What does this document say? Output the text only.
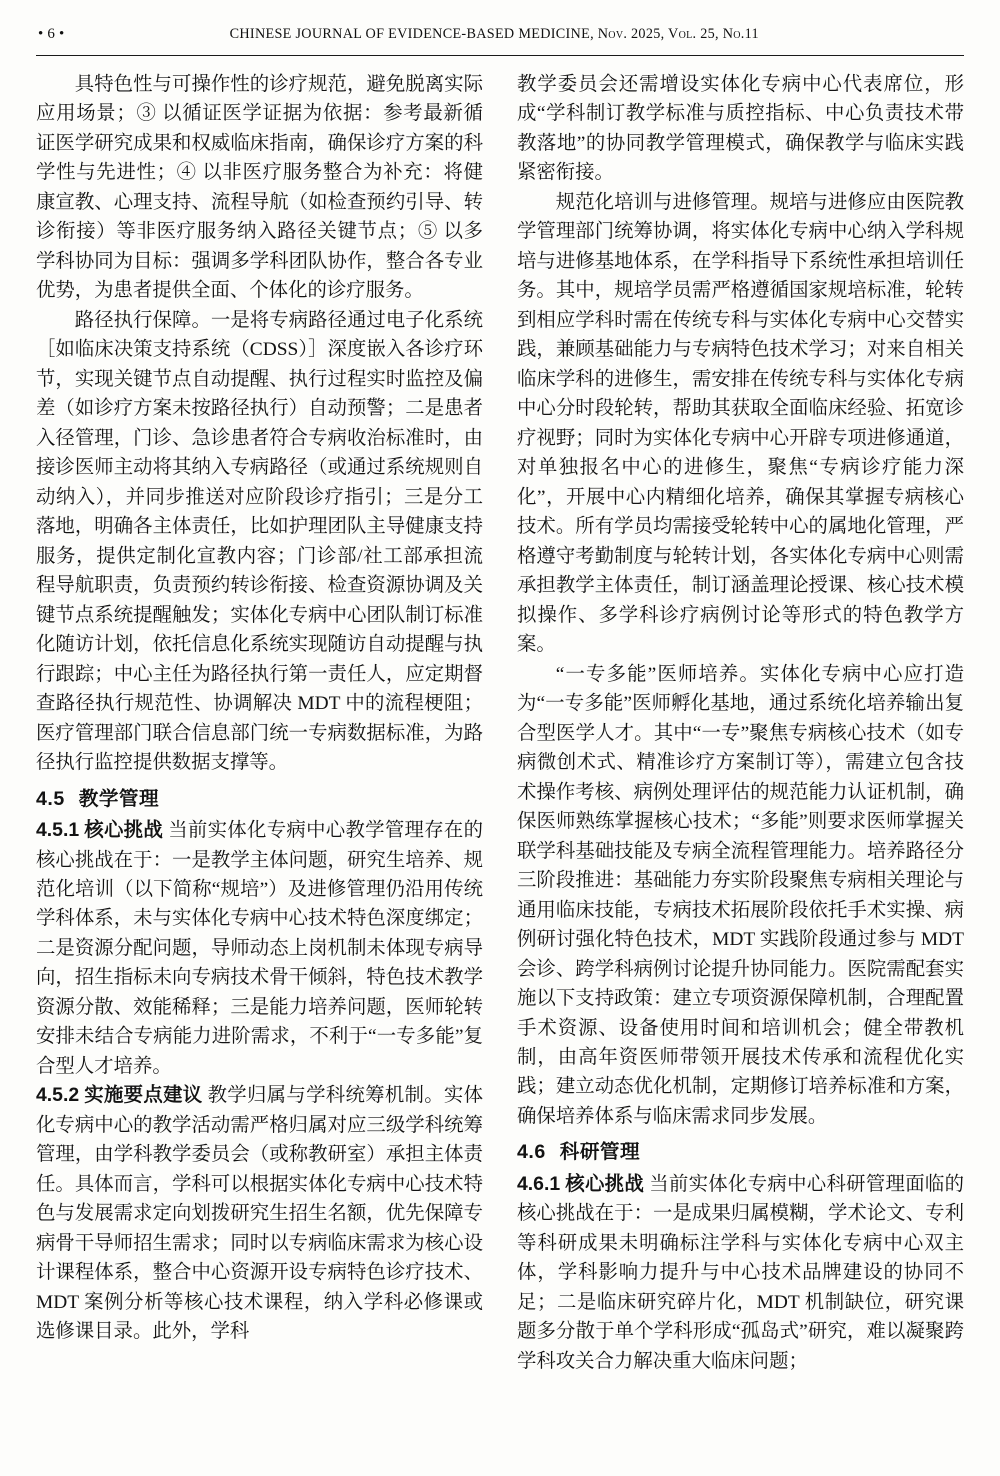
• 6 •	CHINESE JOURNAL OF EVIDENCE-BASED MEDICINE, Nov. 2025, Vol. 25, No.11

具特色性与可操作性的诊疗规范，避免脱离实际应用场景；③ 以循证医学证据为依据：参考最新循证医学研究成果和权威临床指南，确保诊疗方案的科学性与先进性；④ 以非医疗服务整合为补充：将健康宣教、心理支持、流程导航（如检查预约引导、转诊衔接）等非医疗服务纳入路径关键节点；⑤ 以多学科协同为目标：强调多学科团队协作，整合各专业优势，为患者提供全面、个体化的诊疗服务。

路径执行保障。一是将专病路径通过电子化系统［如临床决策支持系统（CDSS）］深度嵌入各诊疗环节，实现关键节点自动提醒、执行过程实时监控及偏差（如诊疗方案未按路径执行）自动预警；二是患者入径管理，门诊、急诊患者符合专病收治标准时，由接诊医师主动将其纳入专病路径（或通过系统规则自动纳入），并同步推送对应阶段诊疗指引；三是分工落地，明确各主体责任，比如护理团队主导健康支持服务，提供定制化宣教内容；门诊部/社工部承担流程导航职责，负责预约转诊衔接、检查资源协调及关键节点系统提醒触发；实体化专病中心团队制订标准化随访计划，依托信息化系统实现随访自动提醒与执行跟踪；中心主任为路径执行第一责任人，应定期督查路径执行规范性、协调解决 MDT 中的流程梗阻；医疗管理部门联合信息部门统一专病数据标准，为路径执行监控提供数据支撑等。

4.5 教学管理

4.5.1 核心挑战 当前实体化专病中心教学管理存在的核心挑战在于：一是教学主体问题，研究生培养、规范化培训（以下简称“规培”）及进修管理仍沿用传统学科体系，未与实体化专病中心技术特色深度绑定；二是资源分配问题，导师动态上岗机制未体现专病导向，招生指标未向专病技术骨干倾斜，特色技术教学资源分散、效能稀释；三是能力培养问题，医师轮转安排未结合专病能力进阶需求，不利于“一专多能”复合型人才培养。

4.5.2 实施要点建议 教学归属与学科统筹机制。实体化专病中心的教学活动需严格归属对应三级学科统筹管理，由学科教学委员会（或称教研室）承担主体责任。具体而言，学科可以根据实体化专病中心技术特色与发展需求定向划拨研究生招生名额，优先保障专病骨干导师招生需求；同时以专病临床需求为核心设计课程体系，整合中心资源开设专病特色诊疗技术、MDT 案例分析等核心技术课程，纳入学科必修课或选修课目录。此外，学科

教学委员会还需增设实体化专病中心代表席位，形成“学科制订教学标准与质控指标、中心负责技术带教落地”的协同教学管理模式，确保教学与临床实践紧密衔接。

规范化培训与进修管理。规培与进修应由医院教学管理部门统筹协调，将实体化专病中心纳入学科规培与进修基地体系，在学科指导下系统性承担培训任务。其中，规培学员需严格遵循国家规培标准，轮转到相应学科时需在传统专科与实体化专病中心交替实践，兼顾基础能力与专病特色技术学习；对来自相关临床学科的进修生，需安排在传统专科与实体化专病中心分时段轮转，帮助其获取全面临床经验、拓宽诊疗视野；同时为实体化专病中心开辟专项进修通道，对单独报名中心的进修生，聚焦“专病诊疗能力深化”，开展中心内精细化培养，确保其掌握专病核心技术。所有学员均需接受轮转中心的属地化管理，严格遵守考勤制度与轮转计划，各实体化专病中心则需承担教学主体责任，制订涵盖理论授课、核心技术模拟操作、多学科诊疗病例讨论等形式的特色教学方案。

“一专多能”医师培养。实体化专病中心应打造为“一专多能”医师孵化基地，通过系统化培养输出复合型医学人才。其中“一专”聚焦专病核心技术（如专病微创术式、精准诊疗方案制订等），需建立包含技术操作考核、病例处理评估的规范能力认证机制，确保医师熟练掌握核心技术；“多能”则要求医师掌握关联学科基础技能及专病全流程管理能力。培养路径分三阶段推进：基础能力夯实阶段聚焦专病相关理论与通用临床技能，专病技术拓展阶段依托手术实操、病例研讨强化特色技术，MDT 实践阶段通过参与 MDT 会诊、跨学科病例讨论提升协同能力。医院需配套实施以下支持政策：建立专项资源保障机制，合理配置手术资源、设备使用时间和培训机会；健全带教机制，由高年资医师带领开展技术传承和流程优化实践；建立动态优化机制，定期修订培养标准和方案，确保培养体系与临床需求同步发展。

4.6 科研管理

4.6.1 核心挑战 当前实体化专病中心科研管理面临的核心挑战在于：一是成果归属模糊，学术论文、专利等科研成果未明确标注学科与实体化专病中心双主体，学科影响力提升与中心技术品牌建设的协同不足；二是临床研究碎片化，MDT 机制缺位，研究课题多分散于单个学科形成“孤岛式”研究，难以凝聚跨学科攻关合力解决重大临床问题；
